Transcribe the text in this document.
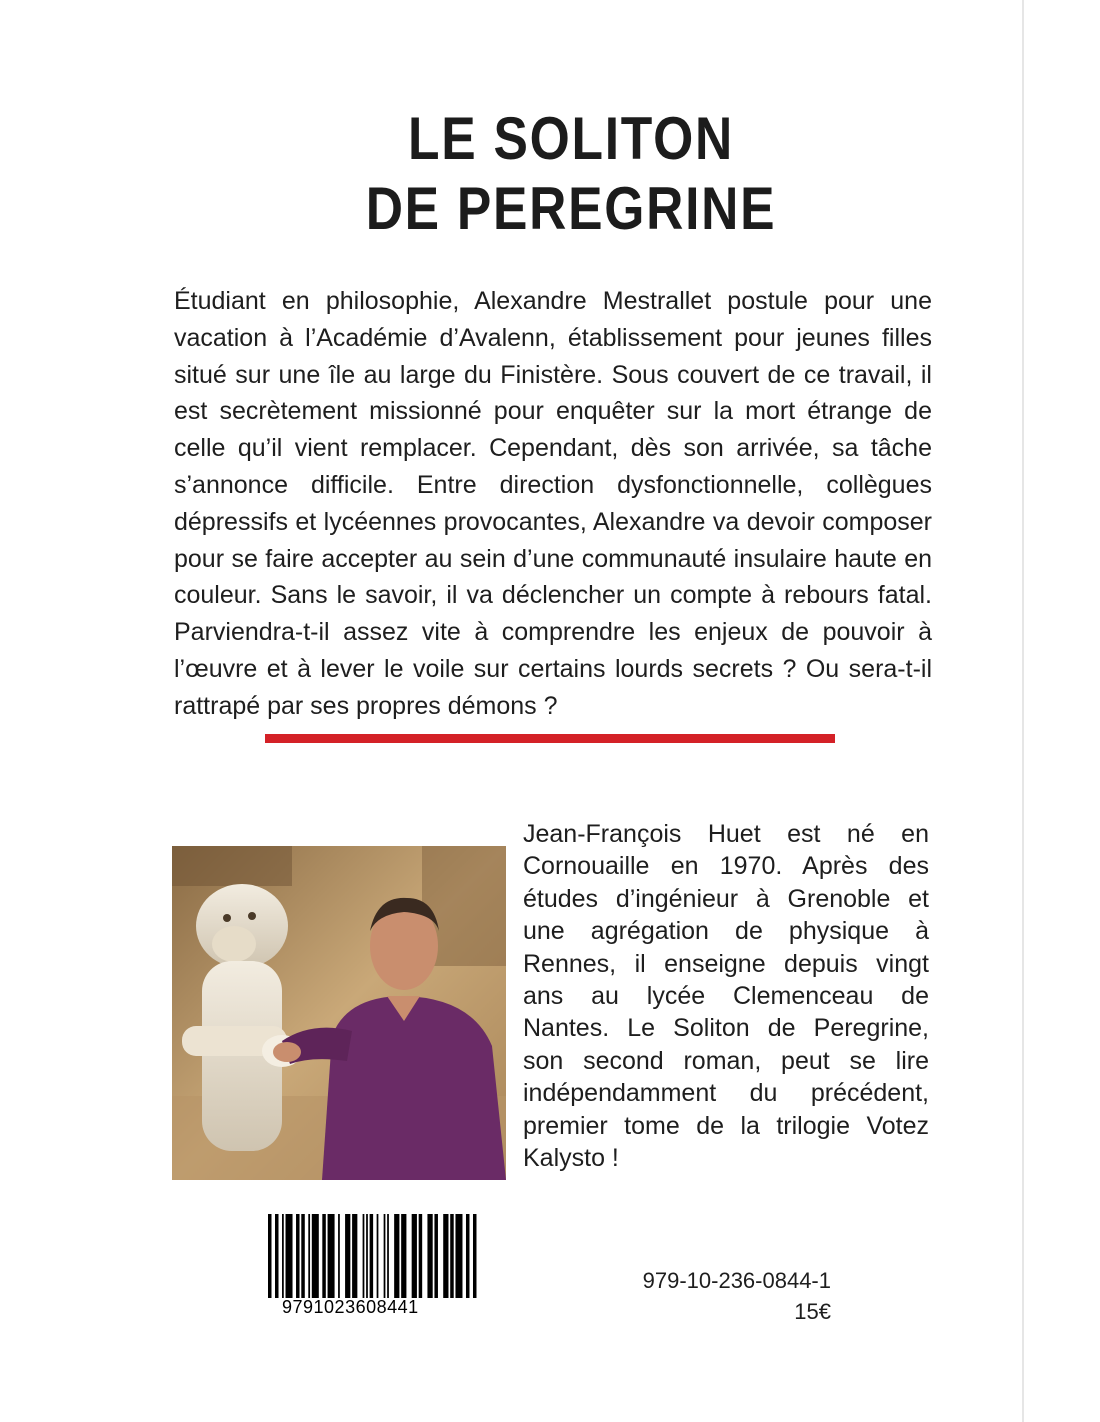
LE SOLITON
DE PEREGRINE
Étudiant en philosophie, Alexandre Mestrallet postule pour une vacation à l’Académie d’Avalenn, établissement pour jeunes filles situé sur une île au large du Finistère. Sous couvert de ce travail, il est secrètement missionné pour enquêter sur la mort étrange de celle qu’il vient remplacer. Cependant, dès son arrivée, sa tâche s’annonce difficile. Entre direction dysfonctionnelle, collègues dépressifs et lycéennes provocantes, Alexandre va devoir composer pour se faire accepter au sein d’une communauté insulaire haute en couleur. Sans le savoir, il va déclencher un compte à rebours fatal. Parviendra-t-il assez vite à comprendre les enjeux de pouvoir à l’œuvre et à lever le voile sur certains lourds secrets ? Ou sera-t-il rattrapé par ses propres démons ?
Jean-François Huet est né en Cornouaille en 1970. Après des études d’ingénieur à Grenoble et une agrégation de physique à Rennes, il enseigne depuis vingt ans au lycée Clemenceau de Nantes. Le Soliton de Peregrine, son second roman, peut se lire indépendamment du précédent, premier tome de la trilogie Votez Kalysto !
9791023608441
979-10-236-0844-1
15€
